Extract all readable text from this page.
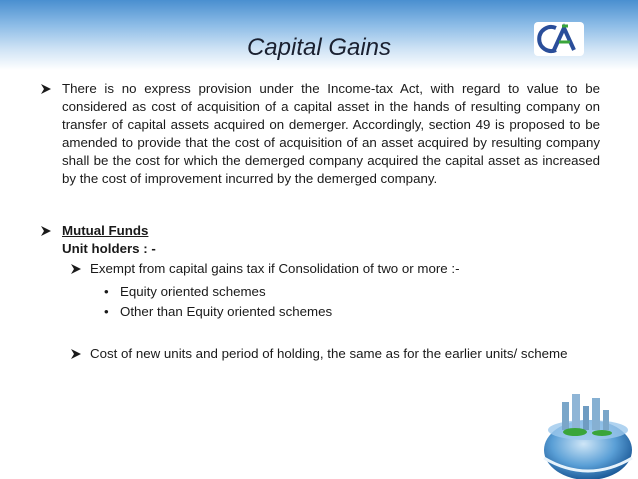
Capital Gains
There is no express provision under the Income-tax Act, with regard to value to be considered as cost of acquisition of a capital asset in the hands of resulting company on transfer of capital assets acquired on demerger. Accordingly, section 49 is proposed to be amended to provide that the cost of acquisition of an asset acquired by resulting company shall be the cost for which the demerged company acquired the capital asset as increased by the cost of improvement incurred by the demerged company.
Mutual Funds
Unit holders : -
Exempt from capital gains tax if Consolidation of two or more :-
• Equity oriented schemes
• Other than Equity oriented schemes
Cost of new units and period of holding, the same as for the earlier units/ scheme
